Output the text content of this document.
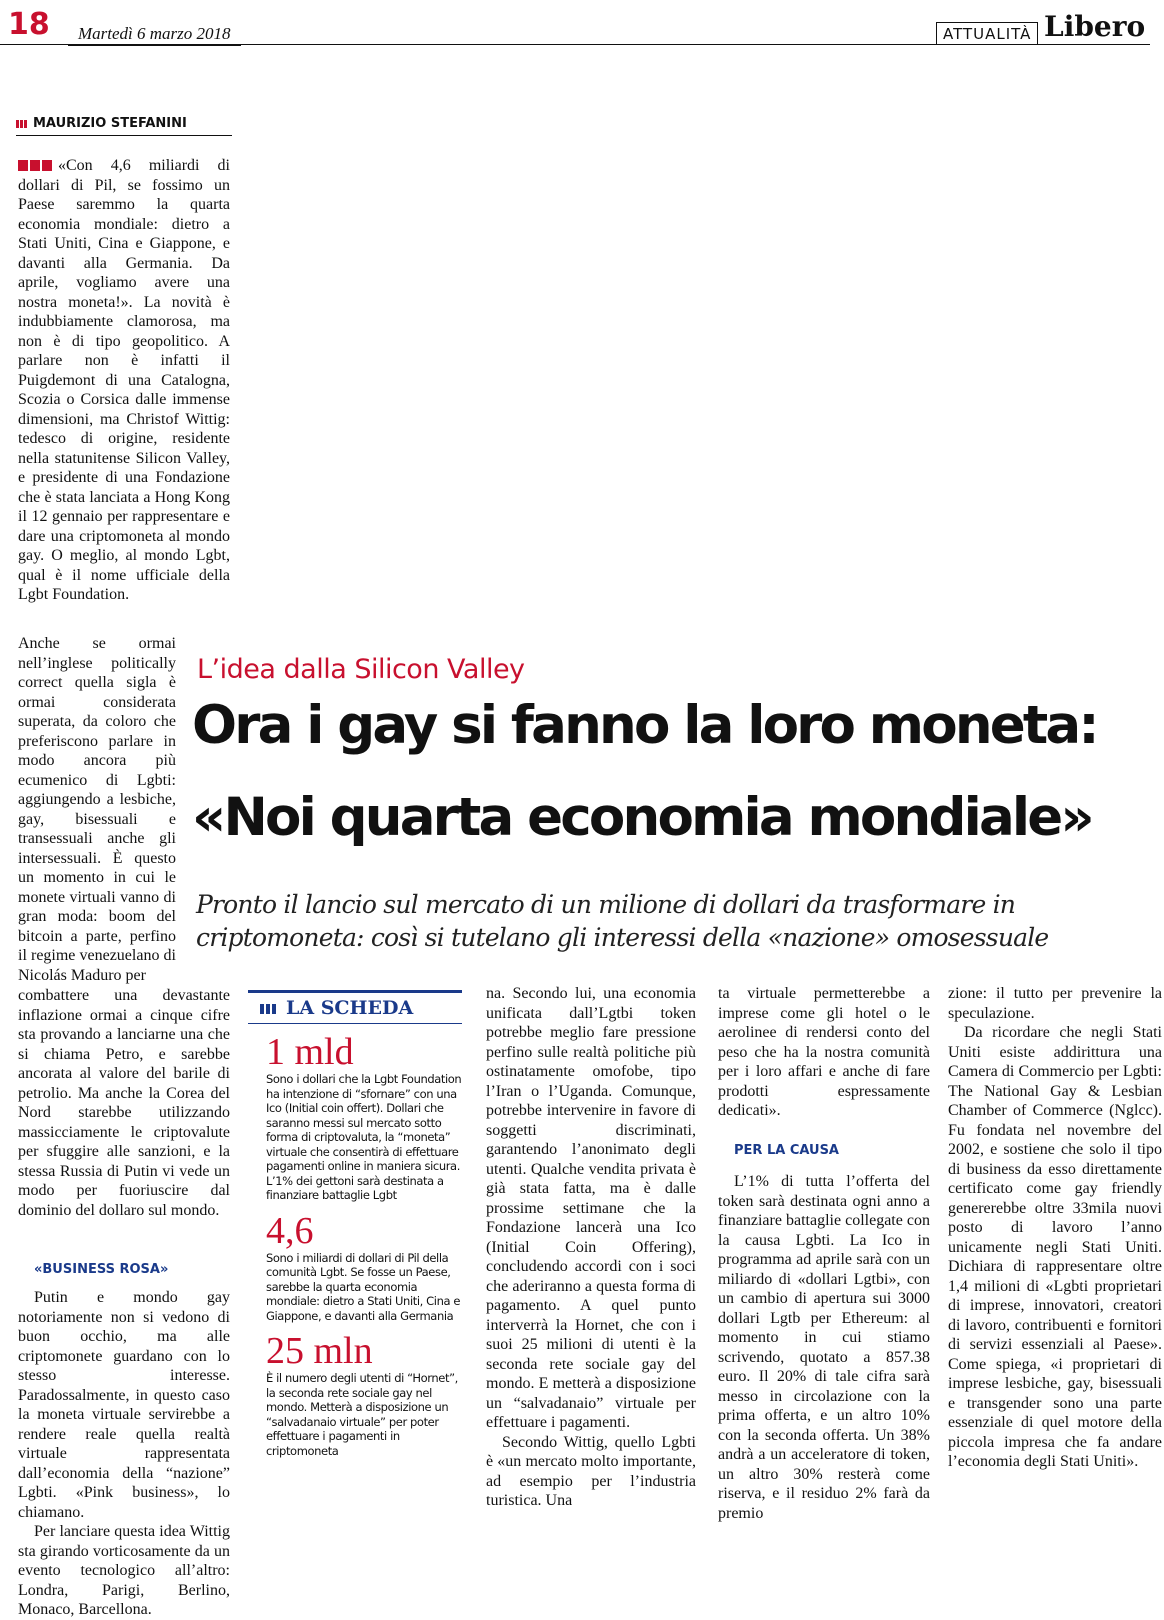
18	Martedì 6 marzo 2018	ATTUALITÀ Libero
MAURIZIO STEFANINI

«Con 4,6 miliardi di dollari di Pil, se fossimo un Paese saremmo la quarta economia mondiale: dietro a Stati Uniti, Cina e Giappone, e davanti alla Germania. Da aprile, vogliamo avere una nostra moneta!». La novità è indubbiamente clamorosa, ma non è di tipo geopolitico. A parlare non è infatti il Puigdemont di una Catalogna, Scozia o Corsica dalle immense dimensioni, ma Christof Wittig: tedesco di origine, residente nella statunitense Silicon Valley, e presidente di una Fondazione che è stata lanciata a Hong Kong il 12 gennaio per rappresentare e dare una criptomoneta al mondo gay. O meglio, al mondo Lgbt, qual è il nome ufficiale della Lgbt Foundation.

Anche se ormai nell’inglese politically correct quella sigla è ormai considerata superata, da coloro che preferiscono parlare in modo ancora più ecumenico di Lgbti: aggiungendo a lesbiche, gay, bisessuali e transessuali anche gli intersessuali. È questo un momento in cui le monete virtuali vanno di gran moda: boom del bitcoin a parte, perfino il regime venezuelano di Nicolás Maduro per

combattere una devastante inflazione ormai a cinque cifre sta provando a lanciarne una che si chiama Petro, e sarebbe ancorata al valore del barile di petrolio. Ma anche la Corea del Nord starebbe utilizzando massicciamente le criptovalute per sfuggire alle sanzioni, e la stessa Russia di Putin vi vede un modo per fuoriuscire dal dominio del dollaro sul mondo.

«BUSINESS ROSA»

Putin e mondo gay notoriamente non si vedono di buon occhio, ma alle criptomonete guardano con lo stesso interesse. Paradossalmente, in questo caso la moneta virtuale servirebbe a rendere reale quella realtà virtuale rappresentata dall’economia della “nazione” Lgbti. «Pink business», lo chiamano.

Per lanciare questa idea Wittig sta girando vorticosamente da un evento tecnologico all’altro: Londra, Parigi, Berlino, Monaco, Barcellona.

L’idea dalla Silicon Valley
Ora i gay si fanno la loro moneta:
«Noi quarta economia mondiale»
Pronto il lancio sul mercato di un milione di dollari da trasformare in criptomoneta: così si tutelano gli interessi della «nazione» omosessuale
LA SCHEDA
1 mld
Sono i dollari che la Lgbt Foundation ha intenzione di “sfornare” con una Ico (Initial coin offert). Dollari che saranno messi sul mercato sotto forma di criptovaluta, la “moneta” virtuale che consentirà di effettuare pagamenti online in maniera sicura. L’1% dei gettoni sarà destinata a finanziare battaglie Lgbt
4,6
Sono i miliardi di dollari di Pil della comunità Lgbt. Se fosse un Paese, sarebbe la quarta economia mondiale: dietro a Stati Uniti, Cina e Giappone, e davanti alla Germania
25 mln
È il numero degli utenti di “Hornet”, la seconda rete sociale gay nel mondo. Metterà a disposizione un “salvadanaio virtuale” per poter effettuare i pagamenti in criptomoneta

na. Secondo lui, una economia unificata dall’Lgtbi token potrebbe meglio fare pressione perfino sulle realtà politiche più ostinatamente omofobe, tipo l’Iran o l’Uganda. Comunque, potrebbe intervenire in favore di soggetti discriminati, garantendo l’anonimato degli utenti. Qualche vendita privata è già stata fatta, ma è dalle prossime settimane che la Fondazione lancerà una Ico (Initial Coin Offering), concludendo accordi con i soci che aderiranno a questa forma di pagamento. A quel punto interverrà la Hornet, che con i suoi 25 milioni di utenti è la seconda rete sociale gay del mondo. E metterà a disposizione un “salvadanaio” virtuale per effettuare i pagamenti.

Secondo Wittig, quello Lgbti è «un mercato molto importante, ad esempio per l’industria turistica. Una

ta virtuale permetterebbe a imprese come gli hotel o le aerolinee di rendersi conto del peso che ha la nostra comunità per i loro affari e anche di fare prodotti espressamente dedicati».

PER LA CAUSA

L’1% di tutta l’offerta del token sarà destinata ogni anno a finanziare battaglie collegate con la causa Lgbti. La Ico in programma ad aprile sarà con un miliardo di «dollari Lgtbi», con un cambio di apertura sui 3000 dollari Lgtb per Ethereum: al momento in cui stiamo scrivendo, quotato a 857.38 euro. Il 20% di tale cifra sarà messo in circolazione con la prima offerta, e un altro 10% con la seconda offerta. Un 38% andrà a un acceleratore di token, un altro 30% resterà come riserva, e il residuo 2% farà da premio

zione: il tutto per prevenire la speculazione.

Da ricordare che negli Stati Uniti esiste addirittura una Camera di Commercio per Lgbti: The National Gay & Lesbian Chamber of Commerce (Nglcc). Fu fondata nel novembre del 2002, e sostiene che solo il tipo di business da esso direttamente certificato come gay friendly genererebbe oltre 33mila nuovi posto di lavoro l’anno unicamente negli Stati Uniti. Dichiara di rappresentare oltre 1,4 milioni di «Lgbti proprietari di imprese, innovatori, creatori di lavoro, contribuenti e fornitori di servizi essenziali al Paese». Come spiega, «i proprietari di imprese lesbiche, gay, bisessuali e transgender sono una parte essenziale di quel motore della piccola impresa che fa andare l’economia degli Stati Uniti».
